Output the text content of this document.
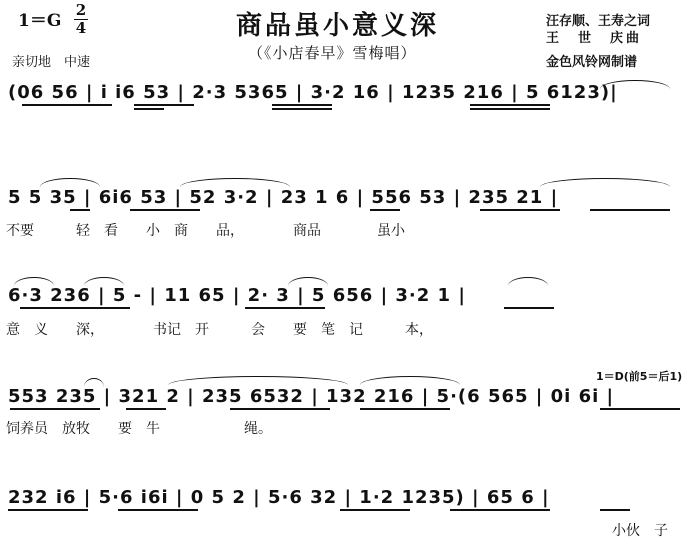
1＝G
2
4	商品虽小意义深
（《小店春早》雪梅唱）
汪存顺、王寿之词
王　世　庆曲
亲切地　中速	金色风铃网制谱
(06 56 | i i6 53 | 2·3 5365 | 3·2 16 | 1235 216 | 5 6123)|
5 5 35 | 6i6 53 | 52 3·2 | 23 1 6 | 556 53 | 235 21 |
不要　　　轻　看　　小　商　　品，　　　　商品　　　　虽小
6·3 236 | 5 - | 11 65 | 2· 3 | 5 656 | 3·2 1 |
意　义　　深，　　　　书记　开　　　会　　要　笔　记　　　本，
1＝D(前5＝后1)
553 235 | 321 2 | 235 6532 | 132 216 | 5·(6 565 | 0i 6i |
饲养员　放牧　　要　牛　　　　　　绳。
232 i6 | 5·6 i6i | 0 5 2 | 5·6 32 | 1·2 1235) | 65 6 |
小伙　子
